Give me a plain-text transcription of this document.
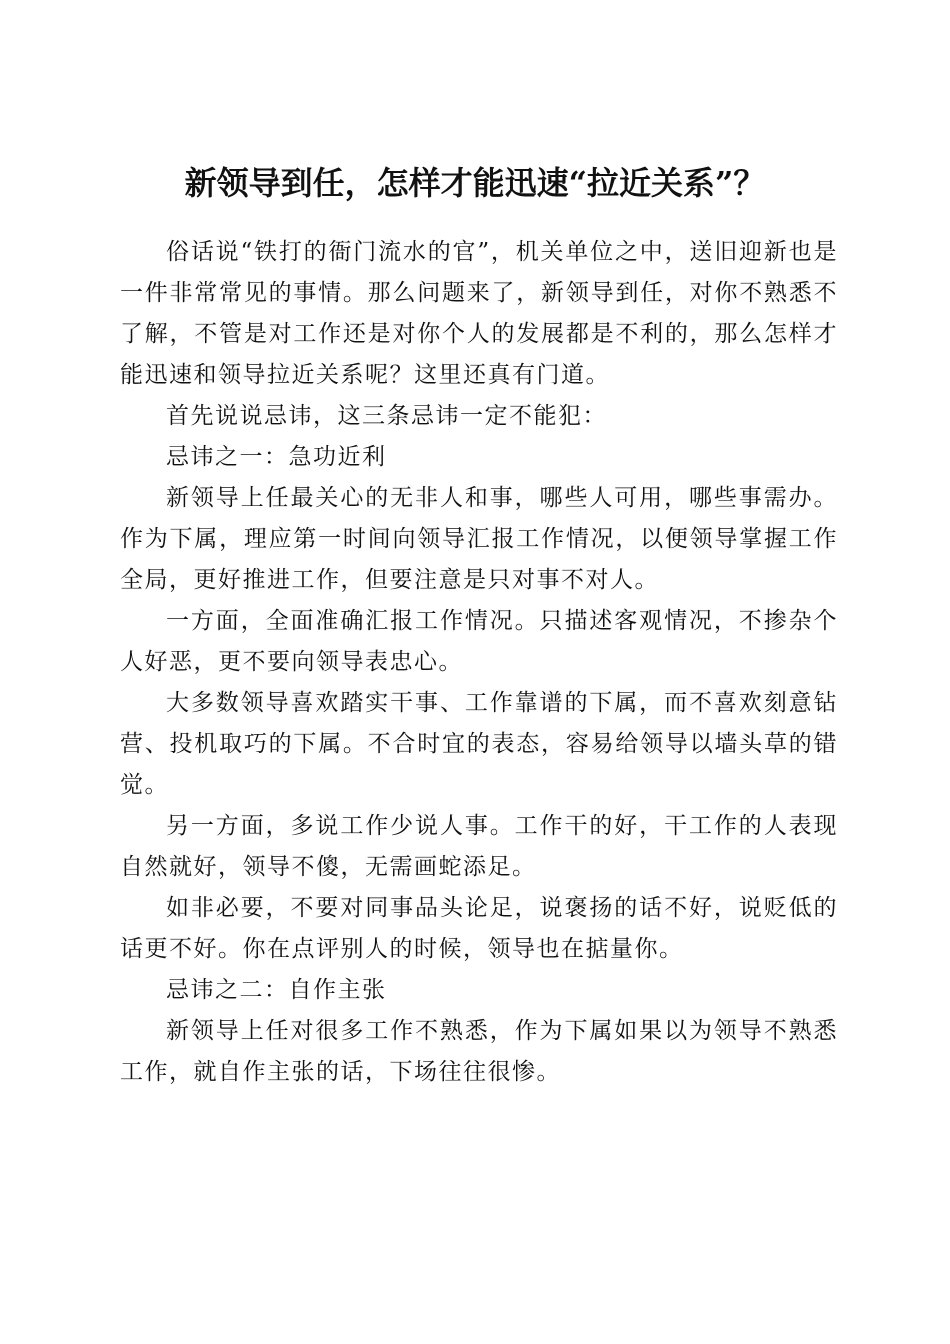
新领导到任，怎样才能迅速“拉近关系”？

俗话说“铁打的衙门流水的官”，机关单位之中，送旧迎新也是一件非常常见的事情。那么问题来了，新领导到任，对你不熟悉不了解，不管是对工作还是对你个人的发展都是不利的，那么怎样才能迅速和领导拉近关系呢？这里还真有门道。

首先说说忌讳，这三条忌讳一定不能犯：

忌讳之一：急功近利

新领导上任最关心的无非人和事，哪些人可用，哪些事需办。作为下属，理应第一时间向领导汇报工作情况，以便领导掌握工作全局，更好推进工作，但要注意是只对事不对人。

一方面，全面准确汇报工作情况。只描述客观情况，不掺杂个人好恶，更不要向领导表忠心。

大多数领导喜欢踏实干事、工作靠谱的下属，而不喜欢刻意钻营、投机取巧的下属。不合时宜的表态，容易给领导以墙头草的错觉。

另一方面，多说工作少说人事。工作干的好，干工作的人表现自然就好，领导不傻，无需画蛇添足。

如非必要，不要对同事品头论足，说褒扬的话不好，说贬低的话更不好。你在点评别人的时候，领导也在掂量你。

忌讳之二：自作主张

新领导上任对很多工作不熟悉，作为下属如果以为领导不熟悉工作，就自作主张的话，下场往往很惨。
